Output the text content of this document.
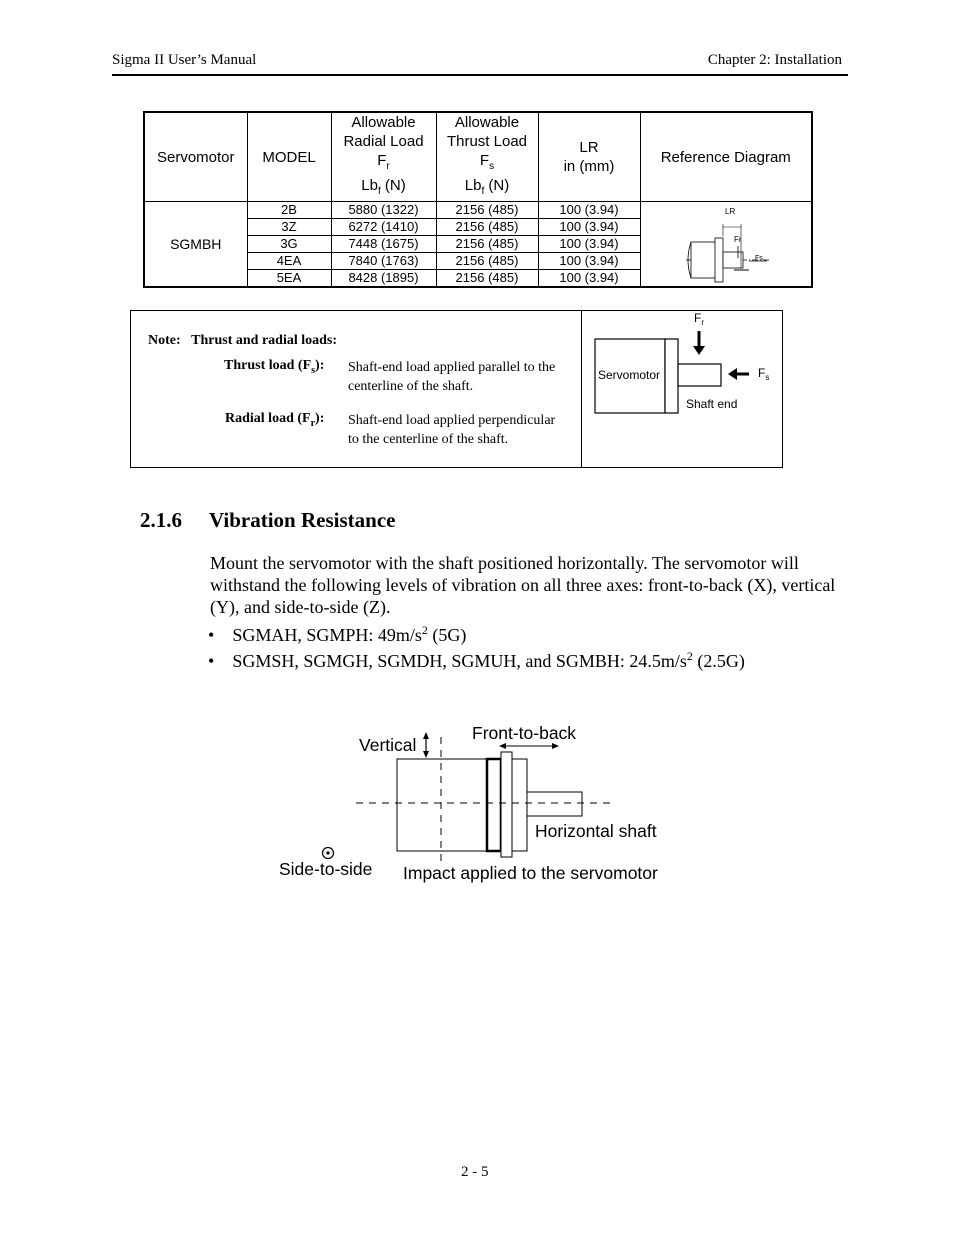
Sigma II User’s Manual	Chapter 2: Installation
Servomotor	MODEL	Allowable
Radial Load
$F_r$
$Lb_f$ (N)	Allowable
Thrust Load
$F_s$
$Lb_f$ (N)	LR
in (mm)	Reference Diagram
SGMBH	2B	5880 (1322)	2156 (485)	100 (3.94)	LR
Fr
Fs

	3Z	6272 (1410)	2156 (485)	100 (3.94)	
	3G	7448 (1675)	2156 (485)	100 (3.94)	
	4EA	7840 (1763)	2156 (485)	100 (3.94)	
	5EA	8428 (1895)	2156 (485)	100 (3.94)	
Note: Thrust and radial loads:
Thrust load $(F_s)$: Shaft-end load applied parallel to the
centerline of the shaft.
Radial load $(F_r)$: Shaft-end load applied perpendicular
to the centerline of the shaft.
$F_r$
$F_s$
Servomotor
Shaft end
2.1.6 Vibration Resistance
Mount the servomotor with the shaft positioned horizontally. The servomotor will withstand the following levels of vibration on all three axes: front-to-back (X), vertical (Y), and side-to-side (Z).
• SGMAH, SGMPH: $49m/s^2$ (5G)
• SGMSH, SGMGH, SGMDH, SGMUH, and SGMBH: $24.5m/s^2$ (2.5G)
Vertical
Front-to-back
Horizontal shaft
Side-to-side Impact applied to the servomotor
2 - 5
